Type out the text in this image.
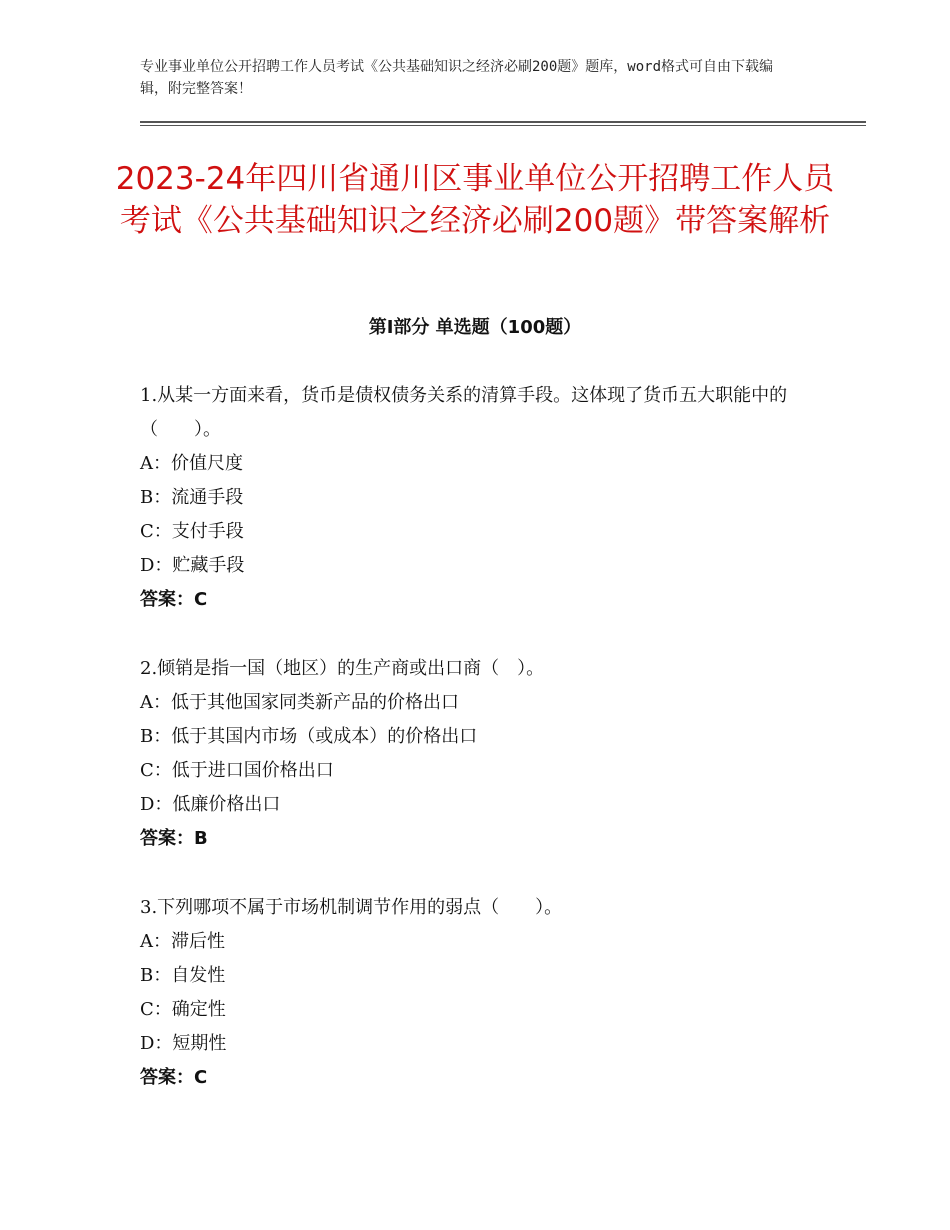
专业事业单位公开招聘工作人员考试《公共基础知识之经济必刷200题》题库，word格式可自由下载编辑，附完整答案！
2023-24年四川省通川区事业单位公开招聘工作人员考试《公共基础知识之经济必刷200题》带答案解析
第Ⅰ部分 单选题（100题）

1.从某一方面来看，货币是债权债务关系的清算手段。这体现了货币五大职能中的（　　）。

A：价值尺度

B：流通手段

C：支付手段

D：贮藏手段

答案：C

2.倾销是指一国（地区）的生产商或出口商（　）。

A：低于其他国家同类新产品的价格出口

B：低于其国内市场（或成本）的价格出口

C：低于进口国价格出口

D：低廉价格出口

答案：B

3.下列哪项不属于市场机制调节作用的弱点（　　）。

A：滞后性

B：自发性

C：确定性

D：短期性

答案：C
